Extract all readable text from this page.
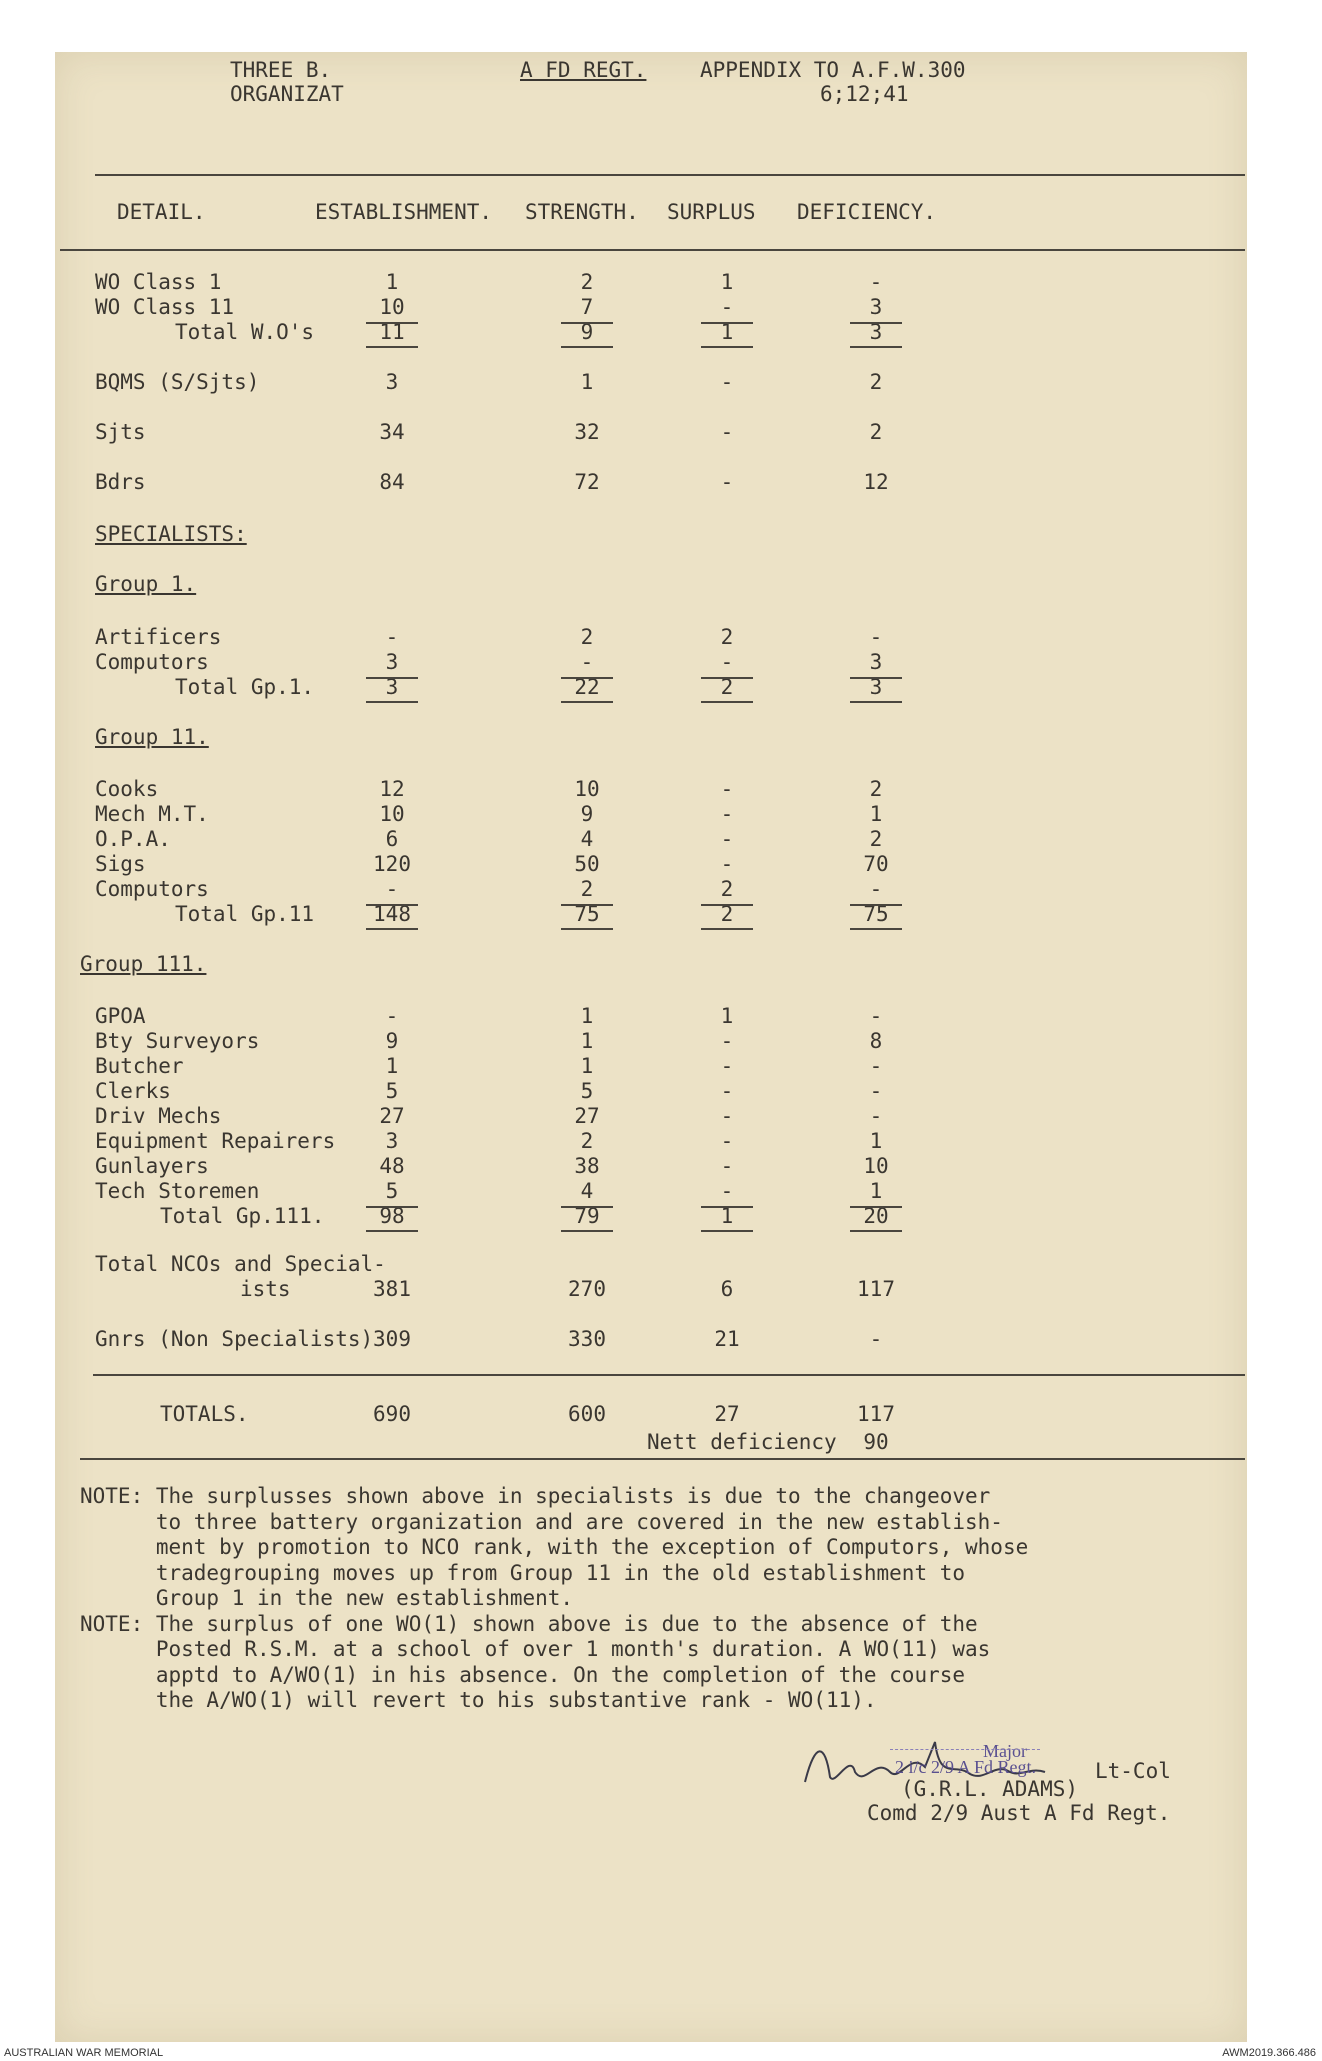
THREE B.
ORGANIZAT
A FD REGT.	APPENDIX TO A.F.W.300
6;12;41
DETAIL.	ESTABLISHMENT. STRENGTH. SURPLUS DEFICIENCY.
WO Class 1	1	2	1	-
WO Class 11	10	7	-	3
Total W.O's	11	9	1	3
BQMS (S/Sjts)	3	1	-	2
Sjts	34	32	-	2
Bdrs	84	72	-	12
SPECIALISTS:
Group 1.
Artificers	-	2	2	-
Computors	3	-	-	3
Total Gp.1.	3	22	2	3
Group 11.
Cooks	12	10	-	2
Mech M.T.	10	9	-	1
O.P.A.	6	4	-	2
Sigs	120	50	-	70
Computors	-	2	2	-
Total Gp.11	148	75	2	75
Group 111.
GPOA	-	1	1	-
Bty Surveyors	9	1	-	8
Butcher	1	1	-	-
Clerks	5	5	-	-
Driv Mechs	27	27	-	-
Equipment Repairers	3	2	-	1
Gunlayers	48	38	-	10
Tech Storemen	5	4	-	1
Total Gp.111.	98	79	1	20
Total NCOs and Special-
ists	381	270	6	117
Gnrs (Non Specialists) 309	330	21	-
TOTALS.	690	600	27	117
Nett deficiency	90
NOTE: The surplusses shown above in specialists is due to the changeover
to three battery organization and are covered in the new establish-
ment by promotion to NCO rank, with the exception of Computors, whose
tradegrouping moves up from Group 11 in the old establishment to
Group 1 in the new establishment.
NOTE: The surplus of one WO(1) shown above is due to the absence of the
Posted R.S.M. at a school of over 1 month's duration. A WO(11) was
apptd to A/WO(1) in his absence. On the completion of the course
the A/WO(1) will revert to his substantive rank - WO(11).
Major
2 i/c 2/9 A Fd Regt.
(G.R.L. ADAMS)
Lt-Col
Comd 2/9 Aust A Fd Regt.
AUSTRALIAN WAR MEMORIAL	AWM2019.366.486
